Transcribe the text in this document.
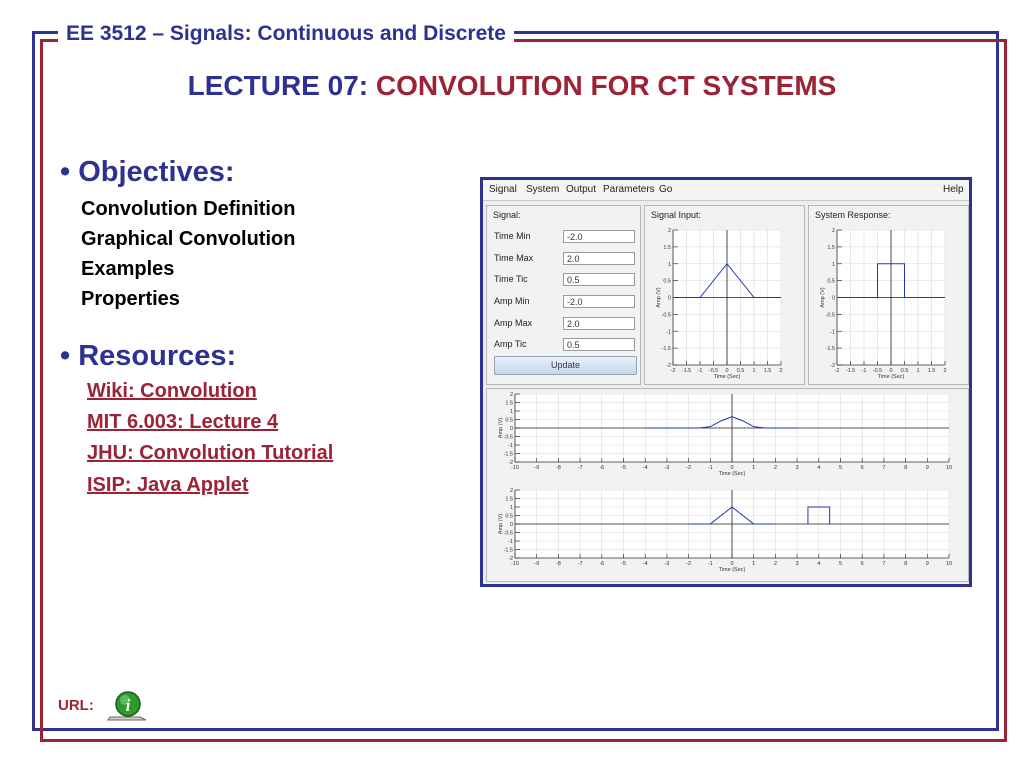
EE 3512 – Signals: Continuous and Discrete
LECTURE 07: CONVOLUTION FOR CT SYSTEMS
• Objectives:
Convolution Definition
Graphical Convolution
Examples
Properties
• Resources:
Wiki: Convolution
MIT 6.003: Lecture 4
JHU: Convolution Tutorial
ISIP: Java Applet
URL: i
Signal System Output Parameters Go	Help
Signal:
Time Min
-2.0
Time Max
2.0
Time Tic
0.5
Amp Min
-2.0
Amp Max
2.0
Amp Tic
0.5
Update
Signal Input:
-2 -1.5 -1 -0.5 0 0.5 1 1.5 2
2
1.5
1
0.5
0
-0.5
-1
-1.5
-2
Time (Sec)
Amp (V)
System Response:
-2 -1.5 -1 -0.5 0 0.5 1 1.5 2
2
1.5
1
0.5
0
-0.5
-1
-1.5
-2
Time (Sec)
Amp (V)
-10	-9	-8	-7	-6	-5	-4	-3	-2	-1	0	1	2	3	4	5	6	7	8	9	10
2
1.5
1
0.5
0
-0.5
-1
-1.5
-2
Time (Sec)
Amp (V)
-10	-9	-8	-7	-6	-5	-4	-3	-2	-1	0	1	2	3	4	5	6	7	8	9	10
2
1.5
1
0.5
0
-0.5
-1
-1.5
-2
Time (Sec)
Amp (V)
